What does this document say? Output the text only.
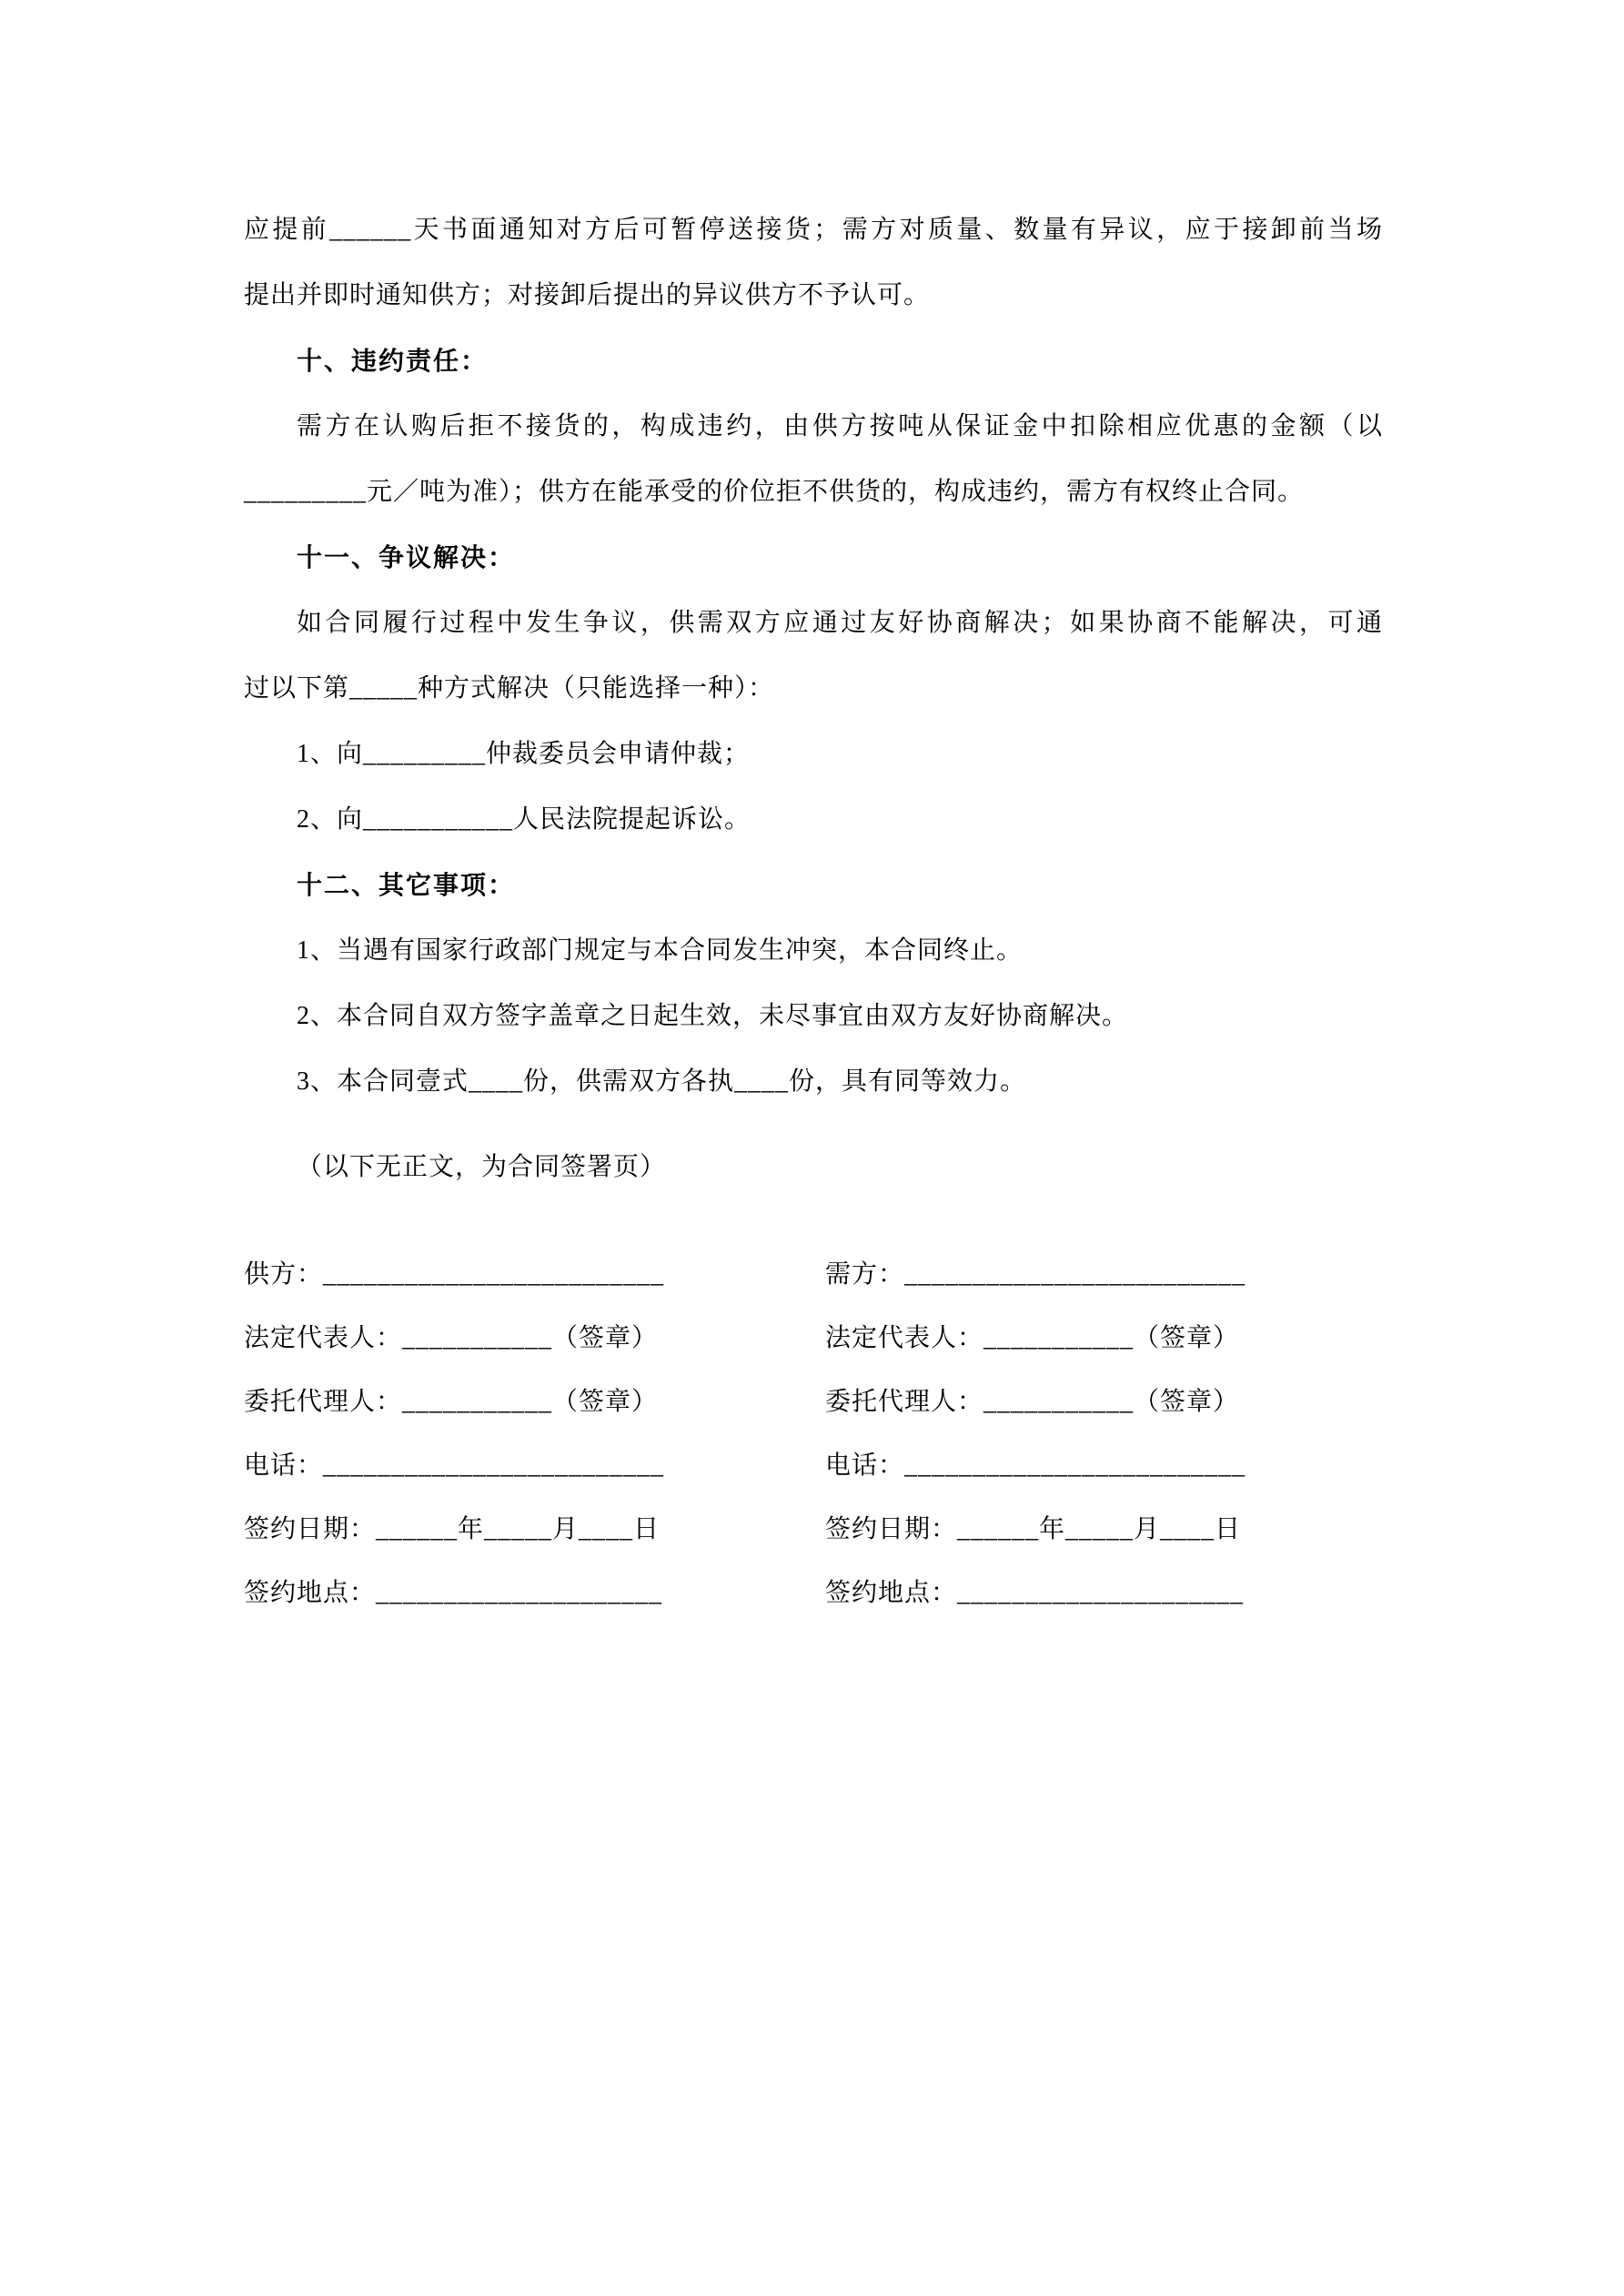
应提前______天书面通知对方后可暂停送接货；需方对质量、数量有异议，应于接卸前当场
提出并即时通知供方；对接卸后提出的异议供方不予认可。
十、违约责任：
需方在认购后拒不接货的，构成违约，由供方按吨从保证金中扣除相应优惠的金额（以
_________元／吨为准）；供方在能承受的价位拒不供货的，构成违约，需方有权终止合同。
十一、争议解决：
如合同履行过程中发生争议，供需双方应通过友好协商解决；如果协商不能解决，可通
过以下第_____种方式解决（只能选择一种）：
1、向_________仲裁委员会申请仲裁；
2、向___________人民法院提起诉讼。
十二、其它事项：
1、当遇有国家行政部门规定与本合同发生冲突，本合同终止。
2、本合同自双方签字盖章之日起生效，未尽事宜由双方友好协商解决。
3、本合同壹式____份，供需双方各执____份，具有同等效力。
（以下无正文，为合同签署页）
供方：_________________________
法定代表人：___________（签章）
委托代理人：___________（签章）
电话：_________________________
签约日期：______年_____月____日
签约地点：_____________________
需方：_________________________
法定代表人：___________（签章）
委托代理人：___________（签章）
电话：_________________________
签约日期：______年_____月____日
签约地点：_____________________
